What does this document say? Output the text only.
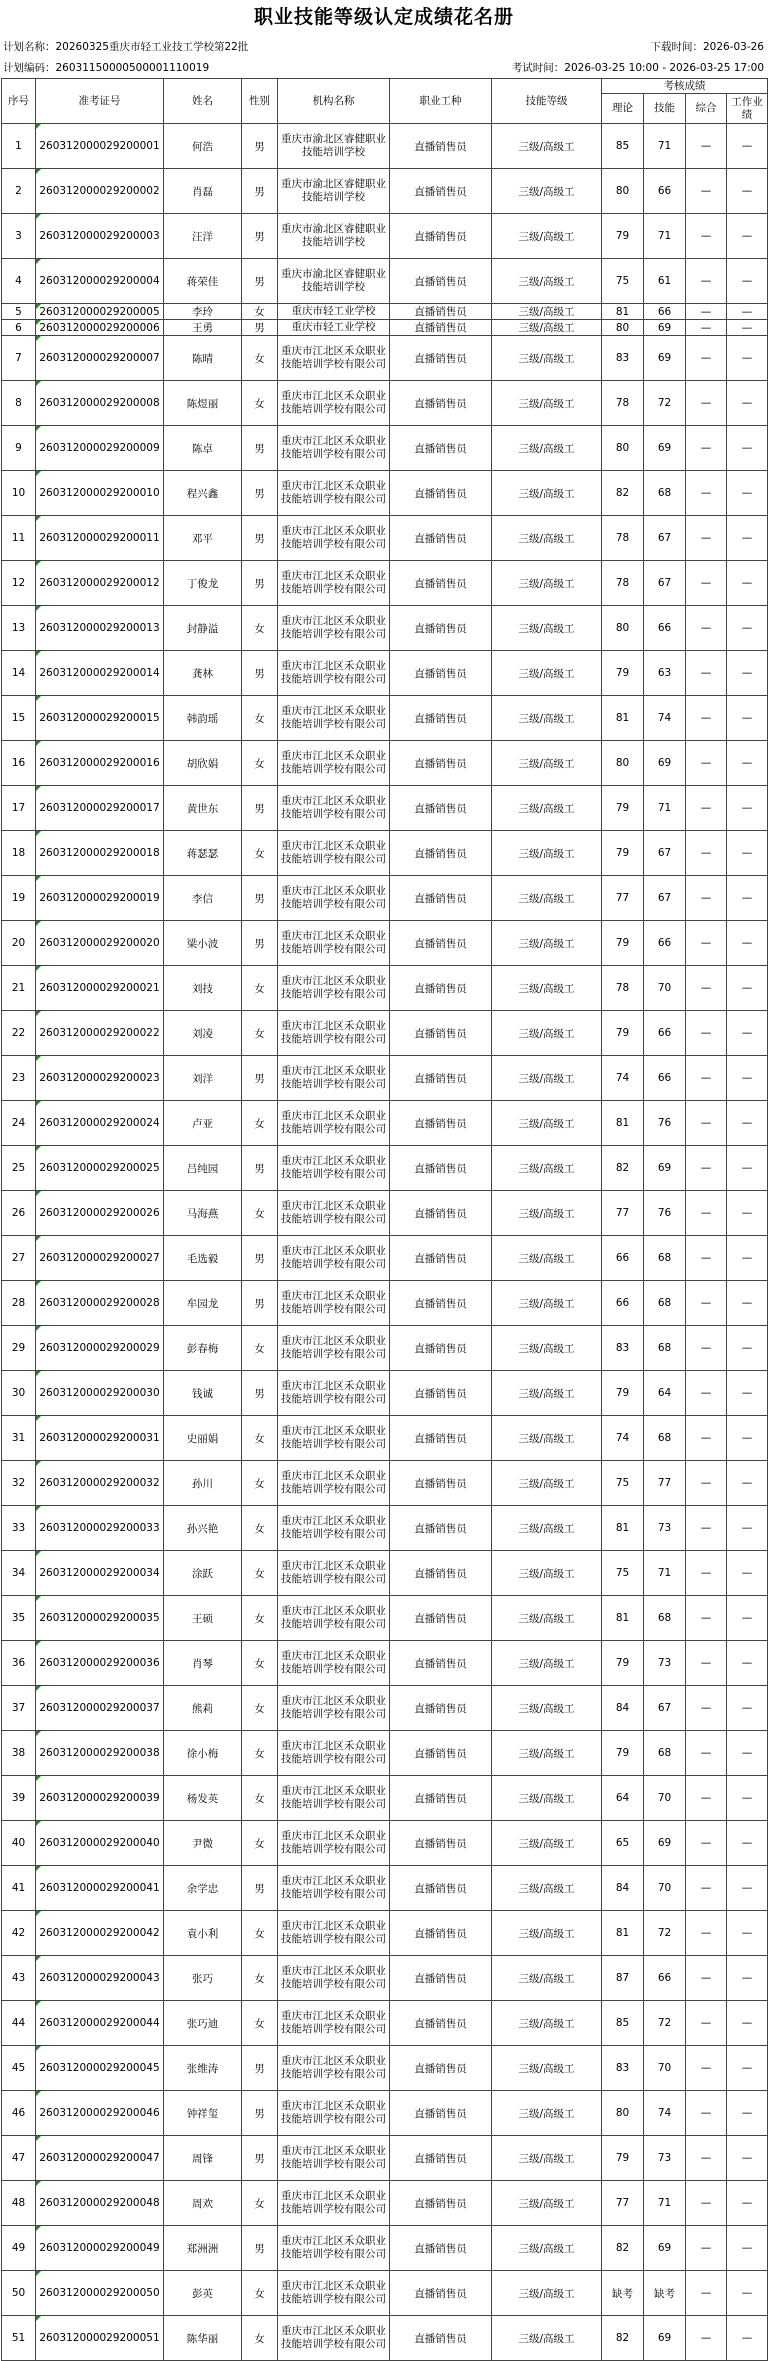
职业技能等级认定成绩花名册
计划名称：20260325重庆市轻工业技工学校第22批	下载时间：2026-03-26
计划编码：26031150000500001110019	考试时间：2026-03-25 10:00 - 2026-03-25 17:00
序号	准考证号	姓名	性别	机构名称	职业工种	技能等级	考核成绩			
							理论	技能	综合	工作业绩
1	260312000029200001	何浩	男	重庆市渝北区睿健职业技能培训学校	直播销售员	三级/高级工	85	71	—	—
2	260312000029200002	肖磊	男	重庆市渝北区睿健职业技能培训学校	直播销售员	三级/高级工	80	66	—	—
3	260312000029200003	汪洋	男	重庆市渝北区睿健职业技能培训学校	直播销售员	三级/高级工	79	71	—	—
4	260312000029200004	蒋荣佳	男	重庆市渝北区睿健职业技能培训学校	直播销售员	三级/高级工	75	61	—	—
5	260312000029200005	李玲	女	重庆市轻工业学校	直播销售员	三级/高级工	81	66	—	—
6	260312000029200006	王勇	男	重庆市轻工业学校	直播销售员	三级/高级工	80	69	—	—
7	260312000029200007	陈晴	女	重庆市江北区禾众职业技能培训学校有限公司	直播销售员	三级/高级工	83	69	—	—
8	260312000029200008	陈煜丽	女	重庆市江北区禾众职业技能培训学校有限公司	直播销售员	三级/高级工	78	72	—	—
9	260312000029200009	陈卓	男	重庆市江北区禾众职业技能培训学校有限公司	直播销售员	三级/高级工	80	69	—	—
10	260312000029200010	程兴鑫	男	重庆市江北区禾众职业技能培训学校有限公司	直播销售员	三级/高级工	82	68	—	—
11	260312000029200011	邓平	男	重庆市江北区禾众职业技能培训学校有限公司	直播销售员	三级/高级工	78	67	—	—
12	260312000029200012	丁俊龙	男	重庆市江北区禾众职业技能培训学校有限公司	直播销售员	三级/高级工	78	67	—	—
13	260312000029200013	封静溢	女	重庆市江北区禾众职业技能培训学校有限公司	直播销售员	三级/高级工	80	66	—	—
14	260312000029200014	龚林	男	重庆市江北区禾众职业技能培训学校有限公司	直播销售员	三级/高级工	79	63	—	—
15	260312000029200015	韩韵瑶	女	重庆市江北区禾众职业技能培训学校有限公司	直播销售员	三级/高级工	81	74	—	—
16	260312000029200016	胡欣娟	女	重庆市江北区禾众职业技能培训学校有限公司	直播销售员	三级/高级工	80	69	—	—
17	260312000029200017	黄世东	男	重庆市江北区禾众职业技能培训学校有限公司	直播销售员	三级/高级工	79	71	—	—
18	260312000029200018	蒋瑟瑟	女	重庆市江北区禾众职业技能培训学校有限公司	直播销售员	三级/高级工	79	67	—	—
19	260312000029200019	李信	男	重庆市江北区禾众职业技能培训学校有限公司	直播销售员	三级/高级工	77	67	—	—
20	260312000029200020	梁小波	男	重庆市江北区禾众职业技能培训学校有限公司	直播销售员	三级/高级工	79	66	—	—
21	260312000029200021	刘技	女	重庆市江北区禾众职业技能培训学校有限公司	直播销售员	三级/高级工	78	70	—	—
22	260312000029200022	刘凌	女	重庆市江北区禾众职业技能培训学校有限公司	直播销售员	三级/高级工	79	66	—	—
23	260312000029200023	刘洋	男	重庆市江北区禾众职业技能培训学校有限公司	直播销售员	三级/高级工	74	66	—	—
24	260312000029200024	卢亚	女	重庆市江北区禾众职业技能培训学校有限公司	直播销售员	三级/高级工	81	76	—	—
25	260312000029200025	吕纯园	男	重庆市江北区禾众职业技能培训学校有限公司	直播销售员	三级/高级工	82	69	—	—
26	260312000029200026	马海燕	女	重庆市江北区禾众职业技能培训学校有限公司	直播销售员	三级/高级工	77	76	—	—
27	260312000029200027	毛选毅	男	重庆市江北区禾众职业技能培训学校有限公司	直播销售员	三级/高级工	66	68	—	—
28	260312000029200028	牟园龙	男	重庆市江北区禾众职业技能培训学校有限公司	直播销售员	三级/高级工	66	68	—	—
29	260312000029200029	彭春梅	女	重庆市江北区禾众职业技能培训学校有限公司	直播销售员	三级/高级工	83	68	—	—
30	260312000029200030	钱诚	男	重庆市江北区禾众职业技能培训学校有限公司	直播销售员	三级/高级工	79	64	—	—
31	260312000029200031	史丽娟	女	重庆市江北区禾众职业技能培训学校有限公司	直播销售员	三级/高级工	74	68	—	—
32	260312000029200032	孙川	女	重庆市江北区禾众职业技能培训学校有限公司	直播销售员	三级/高级工	75	77	—	—
33	260312000029200033	孙兴艳	女	重庆市江北区禾众职业技能培训学校有限公司	直播销售员	三级/高级工	81	73	—	—
34	260312000029200034	涂跃	女	重庆市江北区禾众职业技能培训学校有限公司	直播销售员	三级/高级工	75	71	—	—
35	260312000029200035	王硕	女	重庆市江北区禾众职业技能培训学校有限公司	直播销售员	三级/高级工	81	68	—	—
36	260312000029200036	肖琴	女	重庆市江北区禾众职业技能培训学校有限公司	直播销售员	三级/高级工	79	73	—	—
37	260312000029200037	熊莉	女	重庆市江北区禾众职业技能培训学校有限公司	直播销售员	三级/高级工	84	67	—	—
38	260312000029200038	徐小梅	女	重庆市江北区禾众职业技能培训学校有限公司	直播销售员	三级/高级工	79	68	—	—
39	260312000029200039	杨发英	女	重庆市江北区禾众职业技能培训学校有限公司	直播销售员	三级/高级工	64	70	—	—
40	260312000029200040	尹微	女	重庆市江北区禾众职业技能培训学校有限公司	直播销售员	三级/高级工	65	69	—	—
41	260312000029200041	余学忠	男	重庆市江北区禾众职业技能培训学校有限公司	直播销售员	三级/高级工	84	70	—	—
42	260312000029200042	袁小利	女	重庆市江北区禾众职业技能培训学校有限公司	直播销售员	三级/高级工	81	72	—	—
43	260312000029200043	张巧	女	重庆市江北区禾众职业技能培训学校有限公司	直播销售员	三级/高级工	87	66	—	—
44	260312000029200044	张巧迪	女	重庆市江北区禾众职业技能培训学校有限公司	直播销售员	三级/高级工	85	72	—	—
45	260312000029200045	张维涛	男	重庆市江北区禾众职业技能培训学校有限公司	直播销售员	三级/高级工	83	70	—	—
46	260312000029200046	钟祥玺	男	重庆市江北区禾众职业技能培训学校有限公司	直播销售员	三级/高级工	80	74	—	—
47	260312000029200047	周锋	男	重庆市江北区禾众职业技能培训学校有限公司	直播销售员	三级/高级工	79	73	—	—
48	260312000029200048	周欢	女	重庆市江北区禾众职业技能培训学校有限公司	直播销售员	三级/高级工	77	71	—	—
49	260312000029200049	郑洲洲	男	重庆市江北区禾众职业技能培训学校有限公司	直播销售员	三级/高级工	82	69	—	—
50	260312000029200050	彭英	女	重庆市江北区禾众职业技能培训学校有限公司	直播销售员	三级/高级工	缺考	缺考	—	—
51	260312000029200051	陈华丽	女	重庆市江北区禾众职业技能培训学校有限公司	直播销售员	三级/高级工	82	69	—	—
